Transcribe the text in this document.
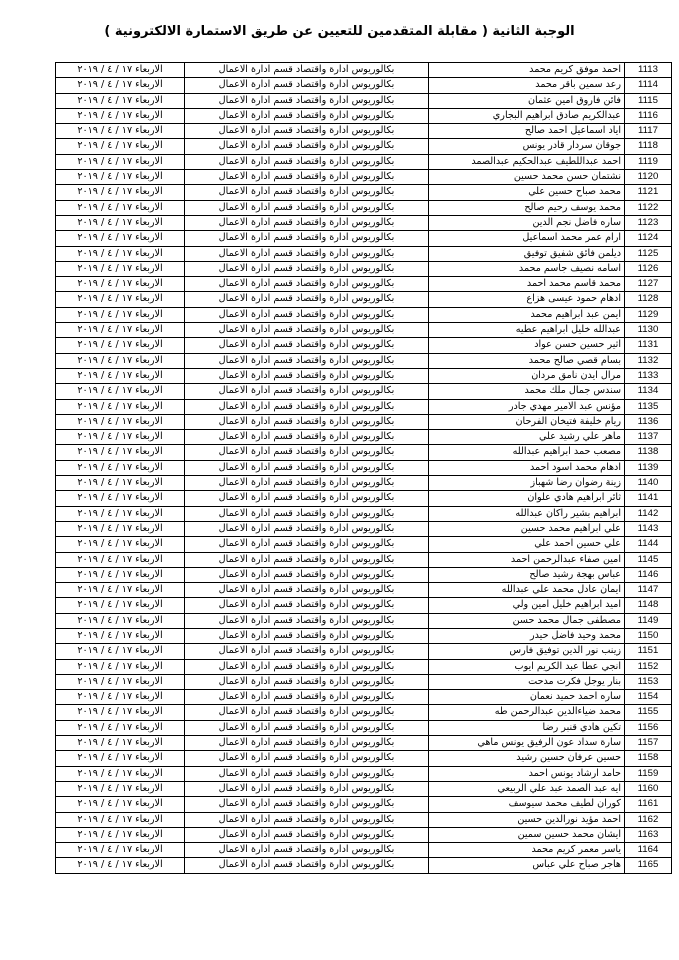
الوجبة الثانية ( مقابلة المتقدمين للتعيين عن طريق الاستمارة الالكترونية )
الاربعاء ١٧ / ٤ / ٢٠١٩	بكالوريوس ادارة واقتصاد قسم ادارة الاعمال	احمد موفق كريم محمد	1113
الاربعاء ١٧ / ٤ / ٢٠١٩	بكالوريوس ادارة واقتصاد قسم ادارة الاعمال	رعد سمين باقر محمد	1114
الاربعاء ١٧ / ٤ / ٢٠١٩	بكالوريوس ادارة واقتصاد قسم ادارة الاعمال	فائن فاروق امين عثمان	1115
الاربعاء ١٧ / ٤ / ٢٠١٩	بكالوريوس ادارة واقتصاد قسم ادارة الاعمال	عبدالكريم صادق ابراهيم البجاري	1116
الاربعاء ١٧ / ٤ / ٢٠١٩	بكالوريوس ادارة واقتصاد قسم ادارة الاعمال	اياد اسماعيل احمد صالح	1117
الاربعاء ١٧ / ٤ / ٢٠١٩	بكالوريوس ادارة واقتصاد قسم ادارة الاعمال	جوقان سردار قادر يونس	1118
الاربعاء ١٧ / ٤ / ٢٠١٩	بكالوريوس ادارة واقتصاد قسم ادارة الاعمال	احمد عبداللطيف عبدالحكيم عبدالصمد	1119
الاربعاء ١٧ / ٤ / ٢٠١٩	بكالوريوس ادارة واقتصاد قسم ادارة الاعمال	نشتمان حسن محمد حسين	1120
الاربعاء ١٧ / ٤ / ٢٠١٩	بكالوريوس ادارة واقتصاد قسم ادارة الاعمال	محمد صباح حسين علي	1121
الاربعاء ١٧ / ٤ / ٢٠١٩	بكالوريوس ادارة واقتصاد قسم ادارة الاعمال	محمد يوسف رحيم صالح	1122
الاربعاء ١٧ / ٤ / ٢٠١٩	بكالوريوس ادارة واقتصاد قسم ادارة الاعمال	ساره فاضل نجم الدين	1123
الاربعاء ١٧ / ٤ / ٢٠١٩	بكالوريوس ادارة واقتصاد قسم ادارة الاعمال	ارام عمر محمد اسماعيل	1124
الاربعاء ١٧ / ٤ / ٢٠١٩	بكالوريوس ادارة واقتصاد قسم ادارة الاعمال	ديلمن فائق شفيق توفيق	1125
الاربعاء ١٧ / ٤ / ٢٠١٩	بكالوريوس ادارة واقتصاد قسم ادارة الاعمال	اسامه نصيف جاسم محمد	1126
الاربعاء ١٧ / ٤ / ٢٠١٩	بكالوريوس ادارة واقتصاد قسم ادارة الاعمال	محمد قاسم محمد احمد	1127
الاربعاء ١٧ / ٤ / ٢٠١٩	بكالوريوس ادارة واقتصاد قسم ادارة الاعمال	ادهام حمود عيسى هزاع	1128
الاربعاء ١٧ / ٤ / ٢٠١٩	بكالوريوس ادارة واقتصاد قسم ادارة الاعمال	ايمن عبد ابراهيم محمد	1129
الاربعاء ١٧ / ٤ / ٢٠١٩	بكالوريوس ادارة واقتصاد قسم ادارة الاعمال	عبدالله خليل ابراهيم عطيه	1130
الاربعاء ١٧ / ٤ / ٢٠١٩	بكالوريوس ادارة واقتصاد قسم ادارة الاعمال	اثير حسين حسن عواد	1131
الاربعاء ١٧ / ٤ / ٢٠١٩	بكالوريوس ادارة واقتصاد قسم ادارة الاعمال	بسام قصي صالح محمد	1132
الاربعاء ١٧ / ٤ / ٢٠١٩	بكالوريوس ادارة واقتصاد قسم ادارة الاعمال	مرال ايدن نامق مردان	1133
الاربعاء ١٧ / ٤ / ٢٠١٩	بكالوريوس ادارة واقتصاد قسم ادارة الاعمال	سندس جمال ملك محمد	1134
الاربعاء ١٧ / ٤ / ٢٠١٩	بكالوريوس ادارة واقتصاد قسم ادارة الاعمال	مؤنس عبد الامير مهدي جادر	1135
الاربعاء ١٧ / ٤ / ٢٠١٩	بكالوريوس ادارة واقتصاد قسم ادارة الاعمال	ريام خليفة فتيخان الفرحان	1136
الاربعاء ١٧ / ٤ / ٢٠١٩	بكالوريوس ادارة واقتصاد قسم ادارة الاعمال	ماهر علي رشيد علي	1137
الاربعاء ١٧ / ٤ / ٢٠١٩	بكالوريوس ادارة واقتصاد قسم ادارة الاعمال	مصعب حمد ابراهيم عبدالله	1138
الاربعاء ١٧ / ٤ / ٢٠١٩	بكالوريوس ادارة واقتصاد قسم ادارة الاعمال	ادهام محمد اسود احمد	1139
الاربعاء ١٧ / ٤ / ٢٠١٩	بكالوريوس ادارة واقتصاد قسم ادارة الاعمال	زينة رضوان رضا شهباز	1140
الاربعاء ١٧ / ٤ / ٢٠١٩	بكالوريوس ادارة واقتصاد قسم ادارة الاعمال	ثائر ابراهيم هادي علوان	1141
الاربعاء ١٧ / ٤ / ٢٠١٩	بكالوريوس ادارة واقتصاد قسم ادارة الاعمال	ابراهيم بشير راكان عبدالله	1142
الاربعاء ١٧ / ٤ / ٢٠١٩	بكالوريوس ادارة واقتصاد قسم ادارة الاعمال	علي ابراهيم محمد حسين	1143
الاربعاء ١٧ / ٤ / ٢٠١٩	بكالوريوس ادارة واقتصاد قسم ادارة الاعمال	علي حسين احمد علي	1144
الاربعاء ١٧ / ٤ / ٢٠١٩	بكالوريوس ادارة واقتصاد قسم ادارة الاعمال	امين صفاء عبدالرحمن احمد	1145
الاربعاء ١٧ / ٤ / ٢٠١٩	بكالوريوس ادارة واقتصاد قسم ادارة الاعمال	عباس بهجة رشيد صالح	1146
الاربعاء ١٧ / ٤ / ٢٠١٩	بكالوريوس ادارة واقتصاد قسم ادارة الاعمال	ايمان عادل محمد علي عبدالله	1147
الاربعاء ١٧ / ٤ / ٢٠١٩	بكالوريوس ادارة واقتصاد قسم ادارة الاعمال	اميد ابراهيم خليل امين ولي	1148
الاربعاء ١٧ / ٤ / ٢٠١٩	بكالوريوس ادارة واقتصاد قسم ادارة الاعمال	مصطفى جمال محمد حسن	1149
الاربعاء ١٧ / ٤ / ٢٠١٩	بكالوريوس ادارة واقتصاد قسم ادارة الاعمال	محمد وحيد فاضل حيدر	1150
الاربعاء ١٧ / ٤ / ٢٠١٩	بكالوريوس ادارة واقتصاد قسم ادارة الاعمال	زينب نور الدين توفيق فارس	1151
الاربعاء ١٧ / ٤ / ٢٠١٩	بكالوريوس ادارة واقتصاد قسم ادارة الاعمال	انجي عطا عبد الكريم ايوب	1152
الاربعاء ١٧ / ٤ / ٢٠١٩	بكالوريوس ادارة واقتصاد قسم ادارة الاعمال	بنار يوجل فكرت مدحت	1153
الاربعاء ١٧ / ٤ / ٢٠١٩	بكالوريوس ادارة واقتصاد قسم ادارة الاعمال	ساره احمد حميد نعمان	1154
الاربعاء ١٧ / ٤ / ٢٠١٩	بكالوريوس ادارة واقتصاد قسم ادارة الاعمال	محمد ضياءالدين عبدالرحمن طه	1155
الاربعاء ١٧ / ٤ / ٢٠١٩	بكالوريوس ادارة واقتصاد قسم ادارة الاعمال	تكين هادي قنبر رضا	1156
الاربعاء ١٧ / ٤ / ٢٠١٩	بكالوريوس ادارة واقتصاد قسم ادارة الاعمال	سارة سداد عون الرفيق يونس ماهي	1157
الاربعاء ١٧ / ٤ / ٢٠١٩	بكالوريوس ادارة واقتصاد قسم ادارة الاعمال	حسين عرفان حسين رشيد	1158
الاربعاء ١٧ / ٤ / ٢٠١٩	بكالوريوس ادارة واقتصاد قسم ادارة الاعمال	حامد ارشاد يونس احمد	1159
الاربعاء ١٧ / ٤ / ٢٠١٩	بكالوريوس ادارة واقتصاد قسم ادارة الاعمال	ايه عبد الصمد عبد علي الربيعي	1160
الاربعاء ١٧ / ٤ / ٢٠١٩	بكالوريوس ادارة واقتصاد قسم ادارة الاعمال	كوران لطيف محمد سيوسف	1161
الاربعاء ١٧ / ٤ / ٢٠١٩	بكالوريوس ادارة واقتصاد قسم ادارة الاعمال	احمد مؤيد نورالدين حسين	1162
الاربعاء ١٧ / ٤ / ٢٠١٩	بكالوريوس ادارة واقتصاد قسم ادارة الاعمال	ايشان محمد حسين سمين	1163
الاربعاء ١٧ / ٤ / ٢٠١٩	بكالوريوس ادارة واقتصاد قسم ادارة الاعمال	ياسر معمر كريم محمد	1164
الاربعاء ١٧ / ٤ / ٢٠١٩	بكالوريوس ادارة واقتصاد قسم ادارة الاعمال	هاجر صباح علي عباس	1165
